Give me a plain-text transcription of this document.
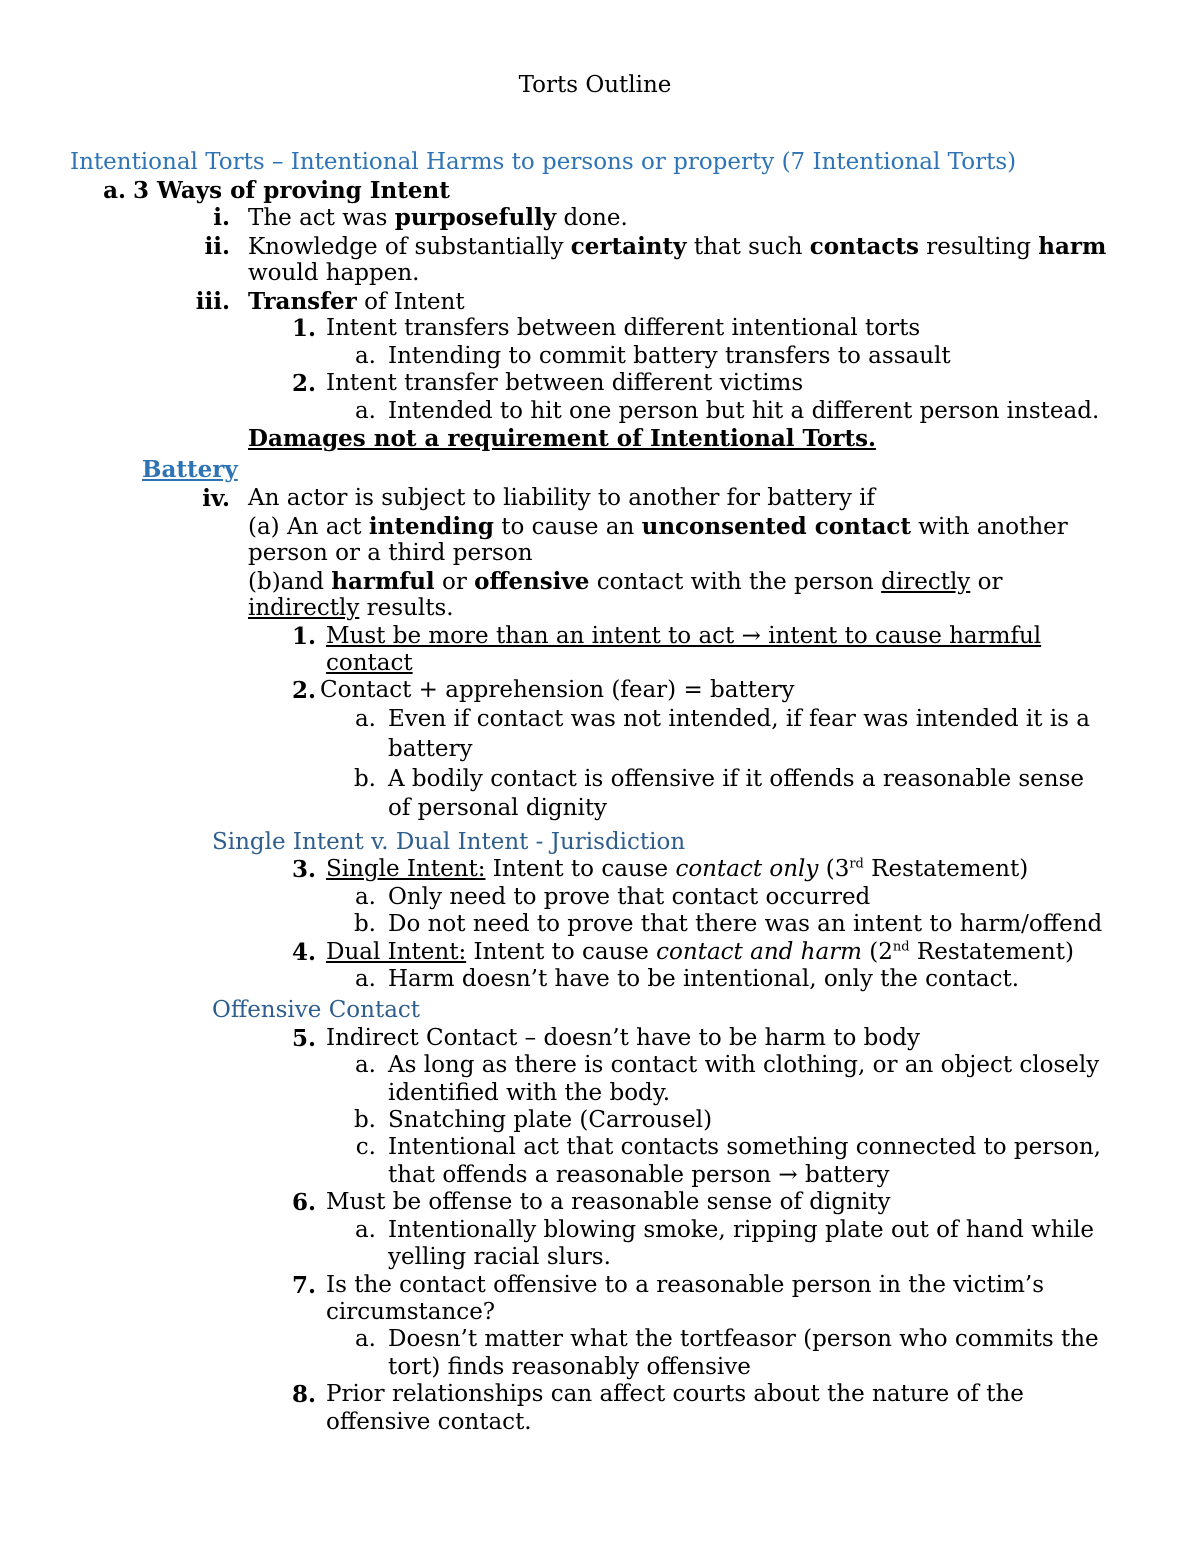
Torts Outline
Intentional Torts – Intentional Harms to persons or property (7 Intentional Torts)
a. 3 Ways of proving Intent
i. The act was purposefully done.
ii. Knowledge of substantially certainty that such contacts resulting harm
would happen.
iii. Transfer of Intent
1. Intent transfers between different intentional torts
a. Intending to commit battery transfers to assault
2. Intent transfer between different victims
a. Intended to hit one person but hit a different person instead.
Damages not a requirement of Intentional Torts.
Battery
iv. An actor is subject to liability to another for battery if
(a) An act intending to cause an unconsented contact with another
person or a third person
(b)and harmful or offensive contact with the person directly or
indirectly results.
1. Must be more than an intent to act → intent to cause harmful
contact
2. Contact + apprehension (fear) = battery
a. Even if contact was not intended, if fear was intended it is a
battery
b. A bodily contact is offensive if it offends a reasonable sense
of personal dignity
Single Intent v. Dual Intent - Jurisdiction
3. Single Intent: Intent to cause contact only (3rd Restatement)
a. Only need to prove that contact occurred
b. Do not need to prove that there was an intent to harm/offend
4. Dual Intent: Intent to cause contact and harm (2nd Restatement)
a. Harm doesn’t have to be intentional, only the contact.
Offensive Contact
5. Indirect Contact – doesn’t have to be harm to body
a. As long as there is contact with clothing, or an object closely
identified with the body.
b. Snatching plate (Carrousel)
c. Intentional act that contacts something connected to person,
that offends a reasonable person → battery
6. Must be offense to a reasonable sense of dignity
a. Intentionally blowing smoke, ripping plate out of hand while
yelling racial slurs.
7. Is the contact offensive to a reasonable person in the victim’s
circumstance?
a. Doesn’t matter what the tortfeasor (person who commits the
tort) finds reasonably offensive
8. Prior relationships can affect courts about the nature of the
offensive contact.
